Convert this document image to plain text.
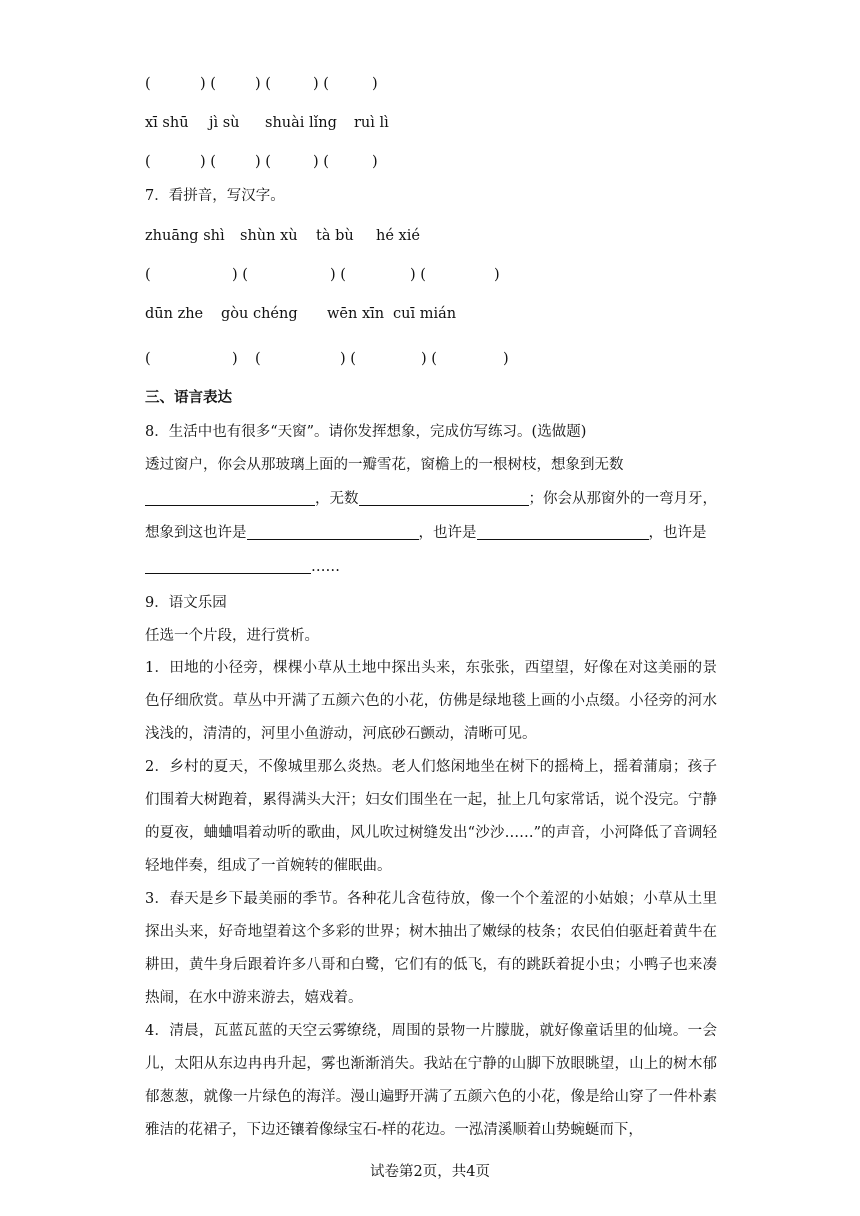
(	) (	) (	) (	)
xī shū jì sù shuài lǐng ruì lì
(	) (	) (	) (	)
7．看拼音，写汉字。
zhuāng shì shùn xù tà bù hé xié
(	) (	) (	) (	)
dūn zhe gòu chéng wēn xīn cuī mián
(	) (	) (	) (	)
三、语言表达
8．生活中也有很多“天窗”。请你发挥想象，完成仿写练习。(选做题)
透过窗户，你会从那玻璃上面的一瓣雪花，窗檐上的一根树枝，想象到无数
，无数	；你会从那窗外的一弯月牙，
想象到这也许是	，也许是	，也许是
……
9．语文乐园
任选一个片段，进行赏析。
1．田地的小径旁，棵棵小草从土地中探出头来，东张张，西望望，好像在对这美丽的景色仔细欣赏。草丛中开满了五颜六色的小花，仿佛是绿地毯上画的小点缀。小径旁的河水浅浅的，清清的，河里小鱼游动，河底砂石颤动，清晰可见。
2．乡村的夏天，不像城里那么炎热。老人们悠闲地坐在树下的摇椅上，摇着蒲扇；孩子们围着大树跑着，累得满头大汗；妇女们围坐在一起，扯上几句家常话，说个没完。宁静的夏夜，蛐蛐唱着动听的歌曲，风儿吹过树缝发出“沙沙……”的声音，小河降低了音调轻轻地伴奏，组成了一首婉转的催眠曲。
3．春天是乡下最美丽的季节。各种花儿含苞待放，像一个个羞涩的小姑娘；小草从土里探出头来，好奇地望着这个多彩的世界；树木抽出了嫩绿的枝条；农民伯伯驱赶着黄牛在耕田，黄牛身后跟着许多八哥和白鹭，它们有的低飞，有的跳跃着捉小虫；小鸭子也来凑热闹，在水中游来游去，嬉戏着。
4．清晨，瓦蓝瓦蓝的天空云雾缭绕，周围的景物一片朦胧，就好像童话里的仙境。一会儿，太阳从东边冉冉升起，雾也渐渐消失。我站在宁静的山脚下放眼眺望，山上的树木郁郁葱葱，就像一片绿色的海洋。漫山遍野开满了五颜六色的小花，像是给山穿了一件朴素雅洁的花裙子，下边还镶着像绿宝石-样的花边。一泓清溪顺着山势蜿蜒而下，
试卷第2页，共4页
